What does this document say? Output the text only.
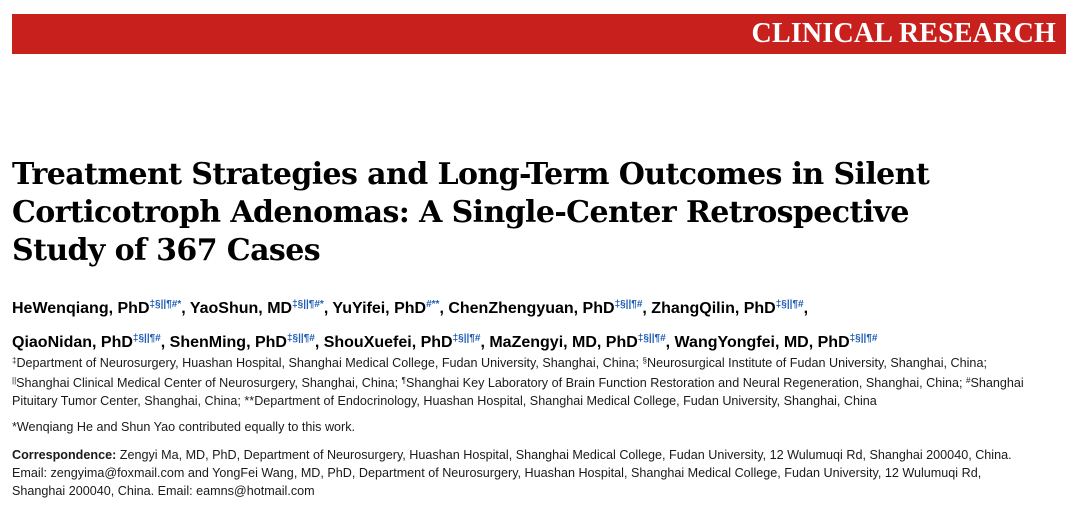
CLINICAL RESEARCH
Treatment Strategies and Long-Term Outcomes in Silent
Corticotroph Adenomas: A Single-Center Retrospective
Study of 367 Cases
HeWenqiang, PhD‡§||¶#*, YaoShun, MD‡§||¶#*, YuYifei, PhD#**, ChenZhengyuan, PhD‡§||¶#, ZhangQilin, PhD‡§||¶#,
QiaoNidan, PhD‡§||¶#, ShenMing, PhD‡§||¶#, ShouXuefei, PhD‡§||¶#, MaZengyi, MD, PhD‡§||¶#, WangYongfei, MD, PhD‡§||¶#
‡Department of Neurosurgery, Huashan Hospital, Shanghai Medical College, Fudan University, Shanghai, China; §Neurosurgical Institute of Fudan University, Shanghai, China;
||Shanghai Clinical Medical Center of Neurosurgery, Shanghai, China; ¶Shanghai Key Laboratory of Brain Function Restoration and Neural Regeneration, Shanghai, China; #Shanghai
Pituitary Tumor Center, Shanghai, China; **Department of Endocrinology, Huashan Hospital, Shanghai Medical College, Fudan University, Shanghai, China
*Wenqiang He and Shun Yao contributed equally to this work.
Correspondence: Zengyi Ma, MD, PhD, Department of Neurosurgery, Huashan Hospital, Shanghai Medical College, Fudan University, 12 Wulumuqi Rd, Shanghai 200040, China.
Email: zengyima@foxmail.com and YongFei Wang, MD, PhD, Department of Neurosurgery, Huashan Hospital, Shanghai Medical College, Fudan University, 12 Wulumuqi Rd,
Shanghai 200040, China. Email: eamns@hotmail.com
